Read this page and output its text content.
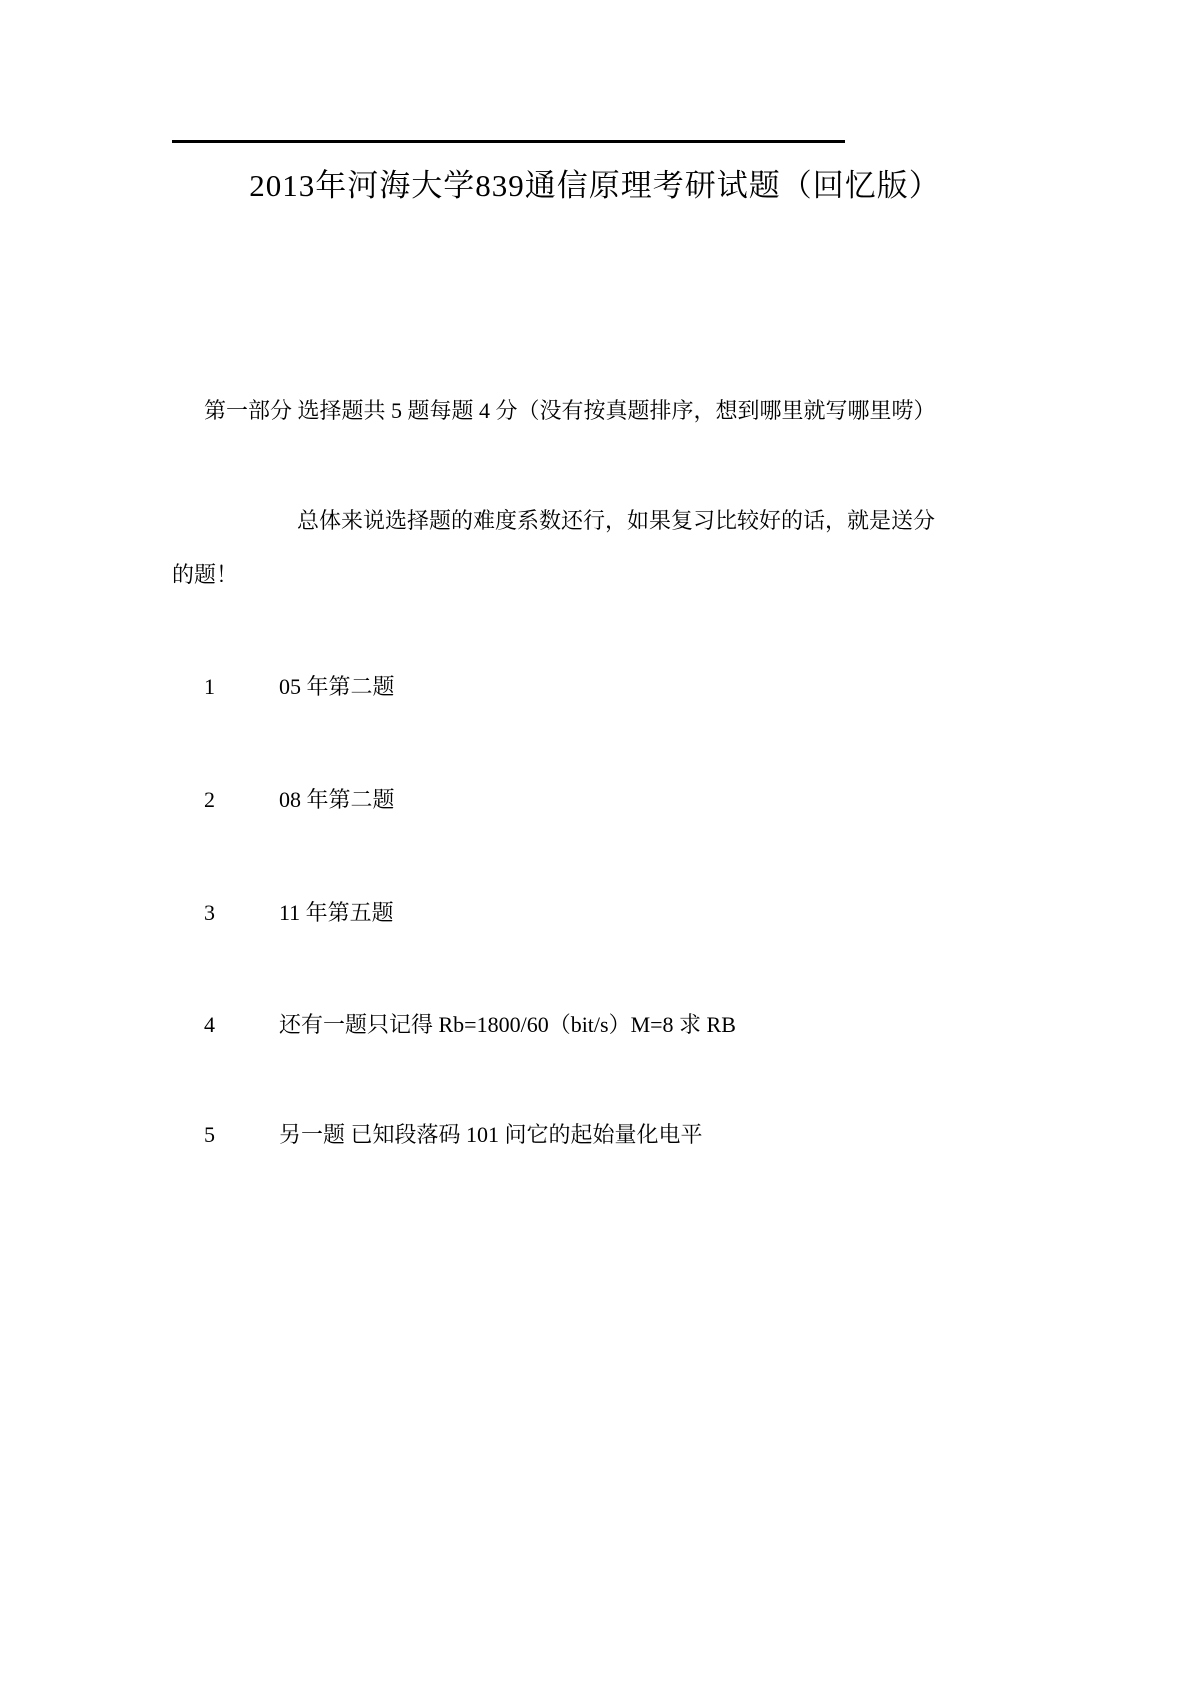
2013年河海大学839通信原理考研试题（回忆版）
第一部分 选择题共 5 题每题 4 分（没有按真题排序，想到哪里就写哪里唠）
总体来说选择题的难度系数还行，如果复习比较好的话，就是送分
的题！
1	05 年第二题
2	08 年第二题
3	11 年第五题
4	还有一题只记得 Rb=1800/60（bit/s）M=8 求 RB
5	另一题 已知段落码 101 问它的起始量化电平
